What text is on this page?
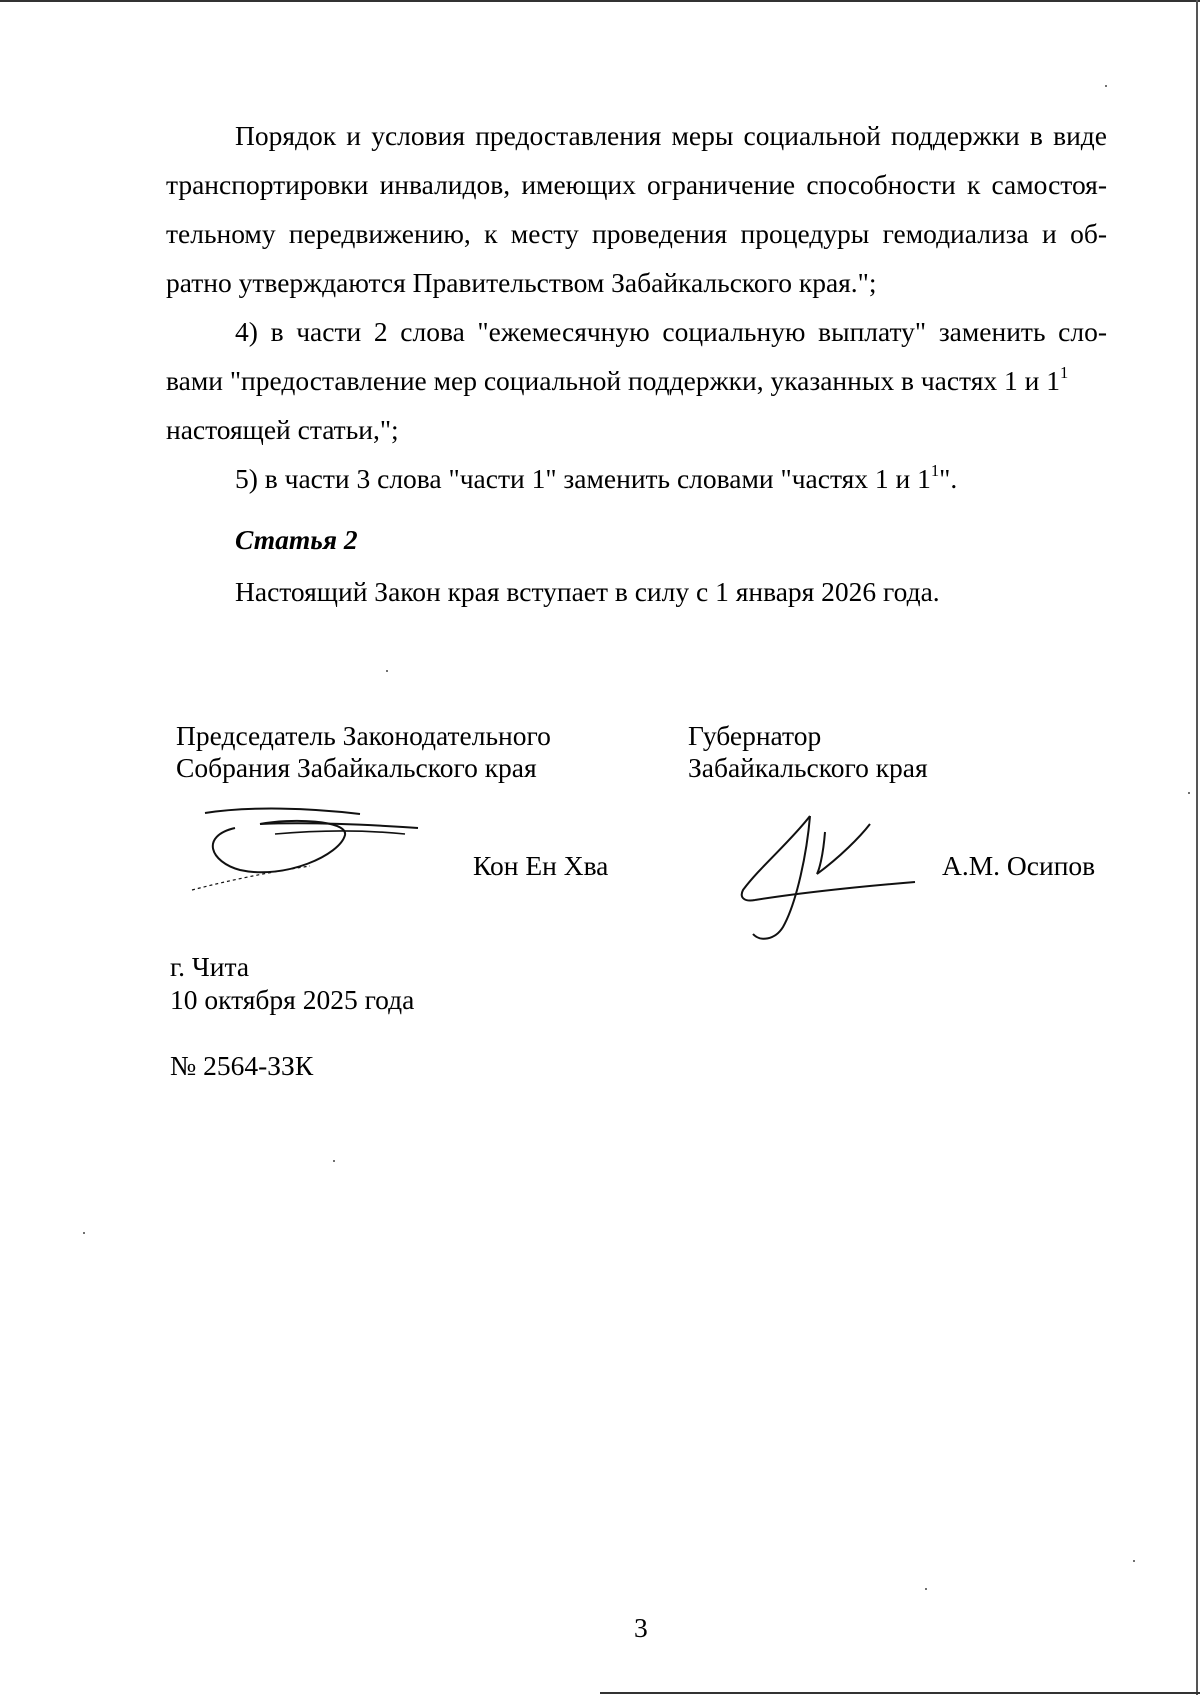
Порядок и условия предоставления меры социальной поддержки в виде
транспортировки инвалидов, имеющих ограничение способности к самостоя-
тельному передвижению, к месту проведения процедуры гемодиализа и об-
ратно утверждаются Правительством Забайкальского края.";
4) в части 2 слова "ежемесячную социальную выплату" заменить сло-
вами "предоставление мер социальной поддержки, указанных в частях 1 и $1^1$
настоящей статьи,";
5) в части 3 слова "части 1" заменить словами "частях 1 и $1^1$".
Статья 2
Настоящий Закон края вступает в силу с 1 января 2026 года.
Председатель Законодательного
Собрания Забайкальского края
Губернатор
Забайкальского края
Кон Ен Хва	А.М. Осипов
г. Чита
10 октября 2025 года
№ 2564-ЗЗК
3
